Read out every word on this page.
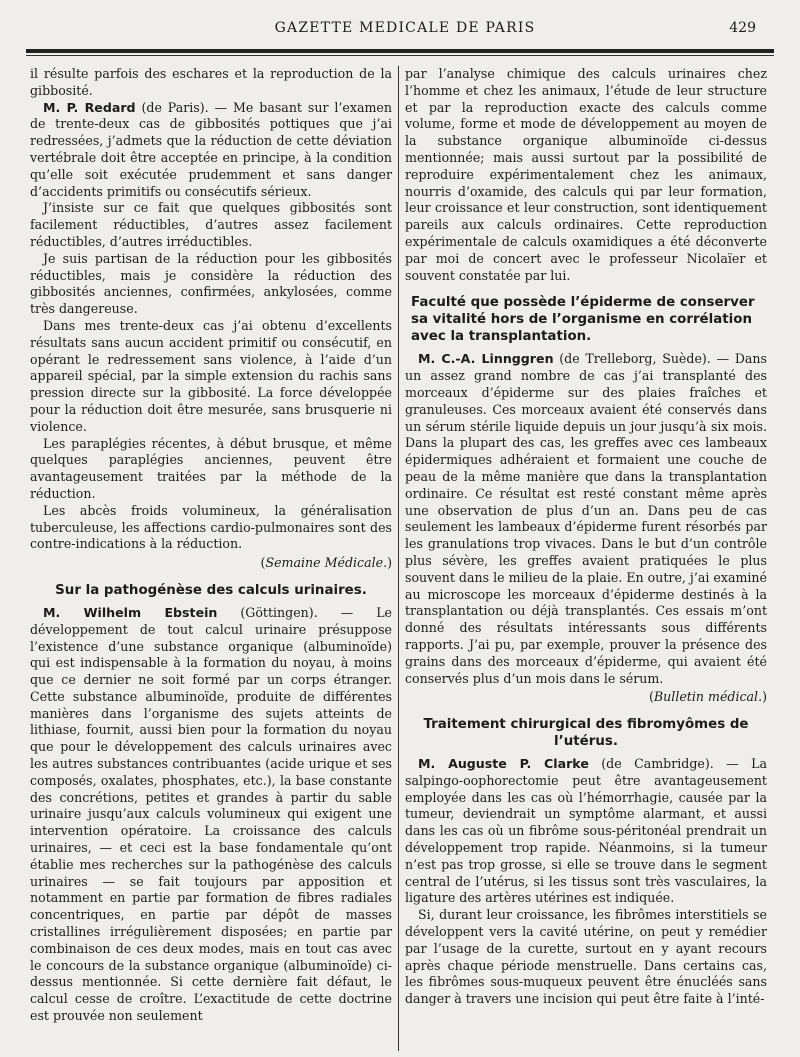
GAZETTE MEDICALE DE PARIS	429

il résulte parfois des eschares et la reproduction de la gibbosité.

M. P. Redard (de Paris). — Me basant sur l’examen de trente-deux cas de gibbosités pottiques que j’ai redressées, j’admets que la réduction de cette déviation vertébrale doit être acceptée en principe, à la condition qu’elle soit exécutée prudemment et sans danger d’accidents primitifs ou consécutifs sérieux.

J’insiste sur ce fait que quelques gibbosités sont facilement réductibles, d’autres assez facilement réductibles, d’autres irréductibles.

Je suis partisan de la réduction pour les gibbosités réductibles, mais je considère la réduction des gibbosités anciennes, confirmées, ankylosées, comme très dangereuse.

Dans mes trente-deux cas j’ai obtenu d’excellents résultats sans aucun accident primitif ou consécutif, en opérant le redressement sans violence, à l’aide d’un appareil spécial, par la simple extension du rachis sans pression directe sur la gibbosité. La force développée pour la réduction doit être mesurée, sans brusquerie ni violence.

Les paraplégies récentes, à début brusque, et même quelques paraplégies anciennes, peuvent être avantageusement traitées par la méthode de la réduction.

Les abcès froids volumineux, la généralisation tuberculeuse, les affections cardio-pulmonaires sont des contre-indications à la réduction.

(Semaine Médicale.)

Sur la pathogénèse des calculs urinaires.

M. Wilhelm Ebstein (Göttingen). — Le développement de tout calcul urinaire présuppose l’existence d’une substance organique (albuminoïde) qui est indispensable à la formation du noyau, à moins que ce dernier ne soit formé par un corps étranger. Cette substance albuminoïde, produite de différentes manières dans l’organisme des sujets atteints de lithiase, fournit, aussi bien pour la formation du noyau que pour le développement des calculs urinaires avec les autres substances contribuantes (acide urique et ses composés, oxalates, phosphates, etc.), la base constante des concrétions, petites et grandes à partir du sable urinaire jusqu’aux calculs volumineux qui exigent une intervention opératoire. La croissance des calculs urinaires, — et ceci est la base fondamentale qu’ont établie mes recherches sur la pathogénèse des calculs urinaires — se fait toujours par apposition et notamment en partie par formation de fibres radiales concentriques, en partie par dépôt de masses cristallines irrégulièrement disposées; en partie par combinaison de ces deux modes, mais en tout cas avec le concours de la substance organique (albuminoïde) ci-dessus mentionnée. Si cette dernière fait défaut, le calcul cesse de croître. L’exactitude de cette doctrine est prouvée non seulement

par l’analyse chimique des calculs urinaires chez l’homme et chez les animaux, l’étude de leur structure et par la reproduction exacte des calculs comme volume, forme et mode de développement au moyen de la substance organique albuminoïde ci-dessus mentionnée; mais aussi surtout par la possibilité de reproduire expérimentalement chez les animaux, nourris d’oxamide, des calculs qui par leur formation, leur croissance et leur construction, sont identiquement pareils aux calculs ordinaires. Cette reproduction expérimentale de calculs oxamidiques a été déconverte par moi de concert avec le professeur Nicolaïer et souvent constatée par lui.

Faculté que possède l’épiderme de conserver sa vitalité hors de l’organisme en corrélation avec la transplantation.

M. C.-A. Linnggren (de Trelleborg, Suède). — Dans un assez grand nombre de cas j’ai transplanté des morceaux d’épiderme sur des plaies fraîches et granuleuses. Ces morceaux avaient été conservés dans un sérum stérile liquide depuis un jour jusqu’à six mois. Dans la plupart des cas, les greffes avec ces lambeaux épidermiques adhéraient et formaient une couche de peau de la même manière que dans la transplantation ordinaire. Ce résultat est resté constant même après une observation de plus d’un an. Dans peu de cas seulement les lambeaux d’épiderme furent résorbés par les granulations trop vivaces. Dans le but d’un contrôle plus sévère, les greffes avaient pratiquées le plus souvent dans le milieu de la plaie. En outre, j’ai examiné au microscope les morceaux d’épiderme destinés à la transplantation ou déjà transplantés. Ces essais m’ont donné des résultats intéressants sous différents rapports. J’ai pu, par exemple, prouver la présence des grains dans des morceaux d’épiderme, qui avaient été conservés plus d’un mois dans le sérum.

(Bulletin médical.)

Traitement chirurgical des fibromyômes de l’utérus.

M. Auguste P. Clarke (de Cambridge). — La salpingo-oophorectomie peut être avantageusement employée dans les cas où l’hémorrhagie, causée par la tumeur, deviendrait un symptôme alarmant, et aussi dans les cas où un fibrôme sous-péritonéal prendrait un développement trop rapide. Néanmoins, si la tumeur n’est pas trop grosse, si elle se trouve dans le segment central de l’utérus, si les tissus sont très vasculaires, la ligature des artères utérines est indiquée.

Si, durant leur croissance, les fibrômes interstitiels se développent vers la cavité utérine, on peut y remédier par l’usage de la curette, surtout en y ayant recours après chaque période menstruelle. Dans certains cas, les fibrômes sous-muqueux peuvent être énucléés sans danger à travers une incision qui peut être faite à l’inté-
